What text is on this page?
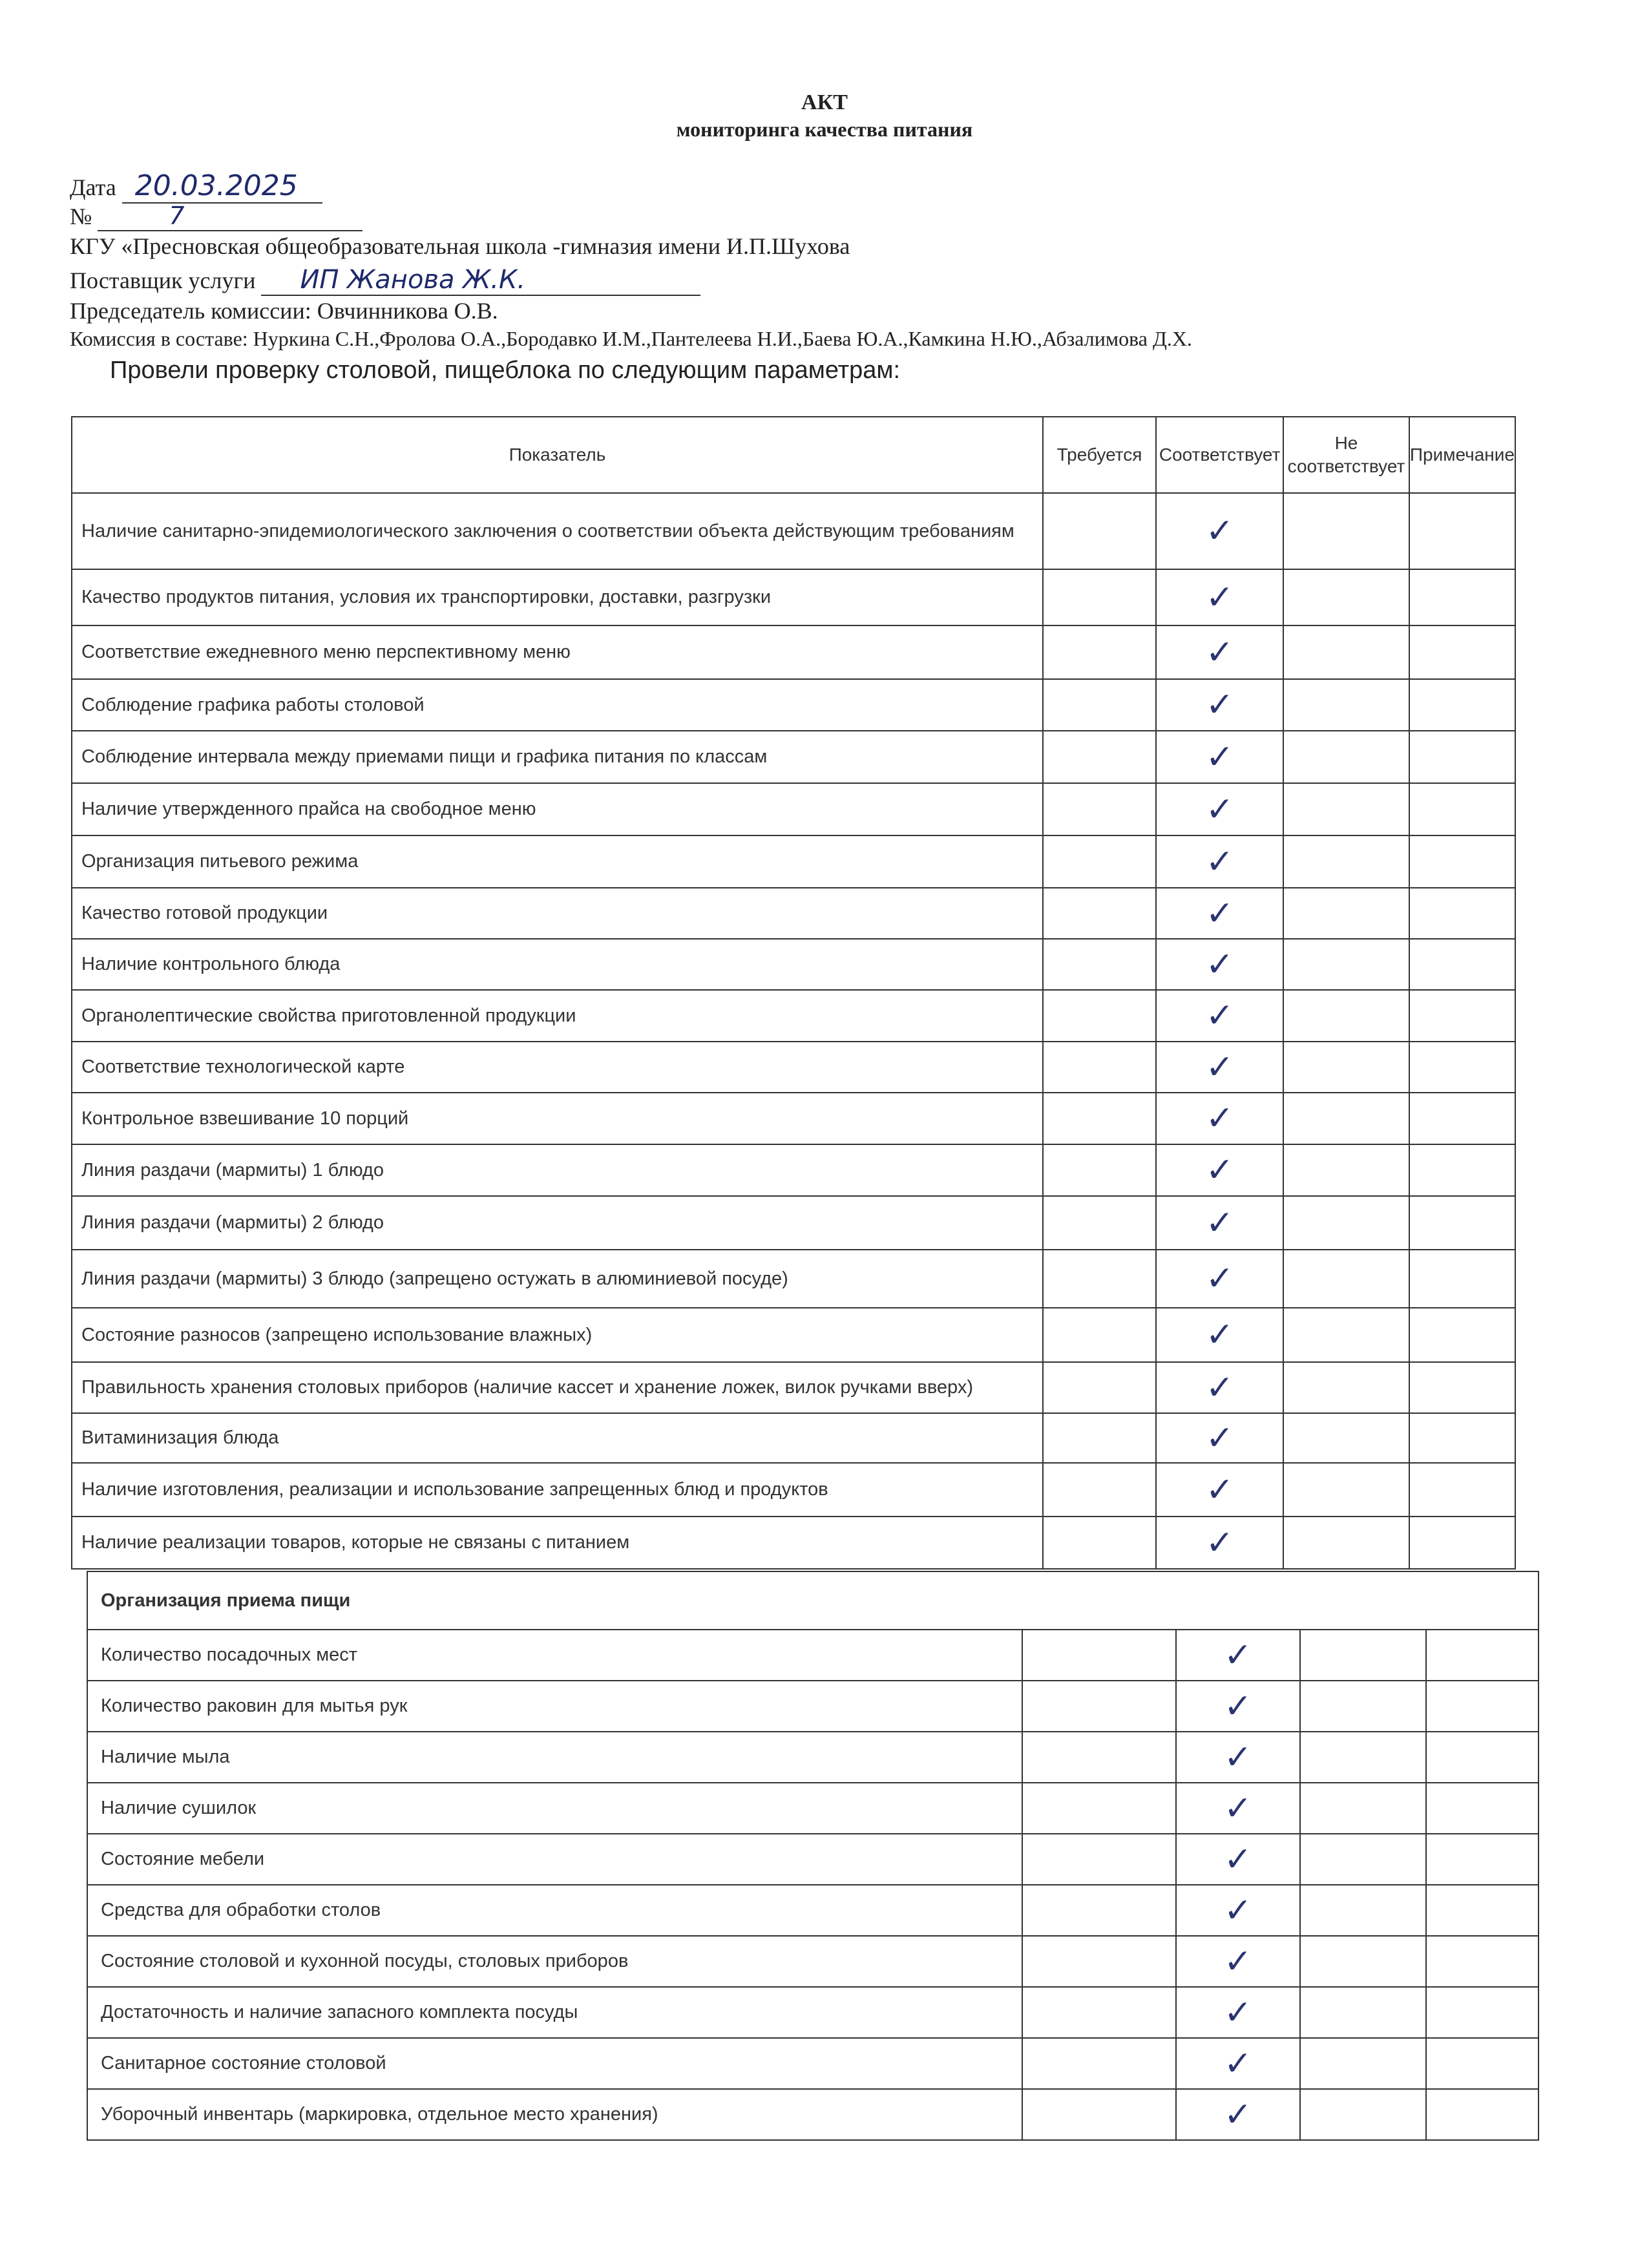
АКТ
мониторинга качества питания
Дата 20.03.2025
№	7
КГУ «Пресновская общеобразовательная школа -гимназия имени И.П.Шухова
Поставщик услуги ИП Жанова Ж.К.
Председатель комиссии: Овчинникова О.В.
Комиссия в составе: Нуркина С.Н.,Фролова О.А.,Бородавко И.М.,Пантелеева Н.И.,Баева Ю.А.,Камкина Н.Ю.,Абзалимова Д.Х.
Провели проверку столовой, пищеблока по следующим параметрам:
Показатель	Требуется	Соответствует	Не соответствует	Примечание
Наличие санитарно-эпидемиологического заключения о соответствии объекта действующим требованиям		✓		
Качество продуктов питания, условия их транспортировки, доставки, разгрузки		✓		
Соответствие ежедневного меню перспективному меню		✓		
Соблюдение графика работы столовой		✓		
Соблюдение интервала между приемами пищи и графика питания по классам		✓		
Наличие утвержденного прайса на свободное меню		✓		
Организация питьевого режима		✓		
Качество готовой продукции		✓		
Наличие контрольного блюда		✓		
Органолептические свойства приготовленной продукции		✓		
Соответствие технологической карте		✓		
Контрольное взвешивание 10 порций		✓		
Линия раздачи (мармиты) 1 блюдо		✓		
Линия раздачи (мармиты) 2 блюдо		✓		
Линия раздачи (мармиты) 3 блюдо (запрещено остужать в алюминиевой посуде)		✓		
Состояние разносов (запрещено использование влажных)		✓		
Правильность хранения столовых приборов (наличие кассет и хранение ложек, вилок ручками вверх)		✓		
Витаминизация блюда		✓		
Наличие изготовления, реализации и использование запрещенных блюд и продуктов		✓		
Наличие реализации товаров, которые не связаны с питанием		✓		
Организация приема пищи				
Количество посадочных мест		✓		
Количество раковин для мытья рук		✓		
Наличие мыла		✓		
Наличие сушилок		✓		
Состояние мебели		✓		
Средства для обработки столов		✓		
Состояние столовой и кухонной посуды, столовых приборов		✓		
Достаточность и наличие запасного комплекта посуды		✓		
Санитарное состояние столовой		✓		
Уборочный инвентарь (маркировка, отдельное место хранения)		✓		
